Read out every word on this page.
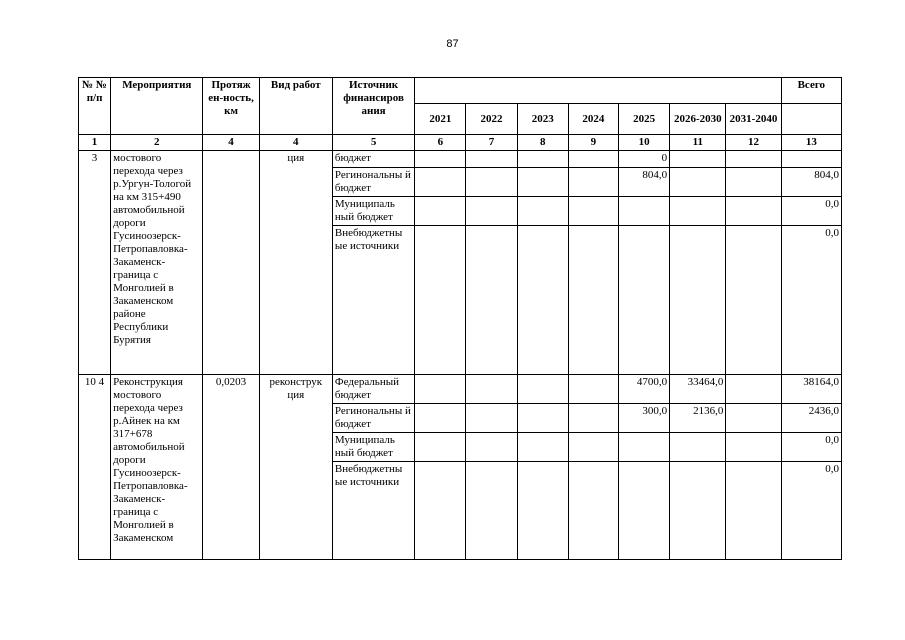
87
№ № п/п	Мероприятия	Протяж ен-ность, км	Вид работ	Источник финансиров ания								Всего
					2021	2022	2023	2024	2025	2026-2030	2031-2040	
1	2	4	4	5	6	7	8	9	10	11	12	13
3	мостового перехода через р.Ургун-Тологой на км 315+490 автомобильной дороги Гусиноозерск-Петропавловка-Закаменск-граница с Монголией в Закаменском районе Республики Бурятия		ция	бюджет					0			
				Регинональны й бюджет					804,0			804,0
				Муниципаль ный бюджет								0,0
				Внебюджетны ые источники								0,0
10 4	Реконструкция мостового перехода через р.Айнек на км 317+678 автомобильной дороги Гусиноозерск-Петропавловка-Закаменск-граница с Монголией в Закаменском	0,0203	реконструк ция	Федеральный бюджет					4700,0	33464,0		38164,0
				Регинональны й бюджет					300,0	2136,0		2436,0
				Муниципаль ный бюджет								0,0
				Внебюджетны ые источники								0,0
